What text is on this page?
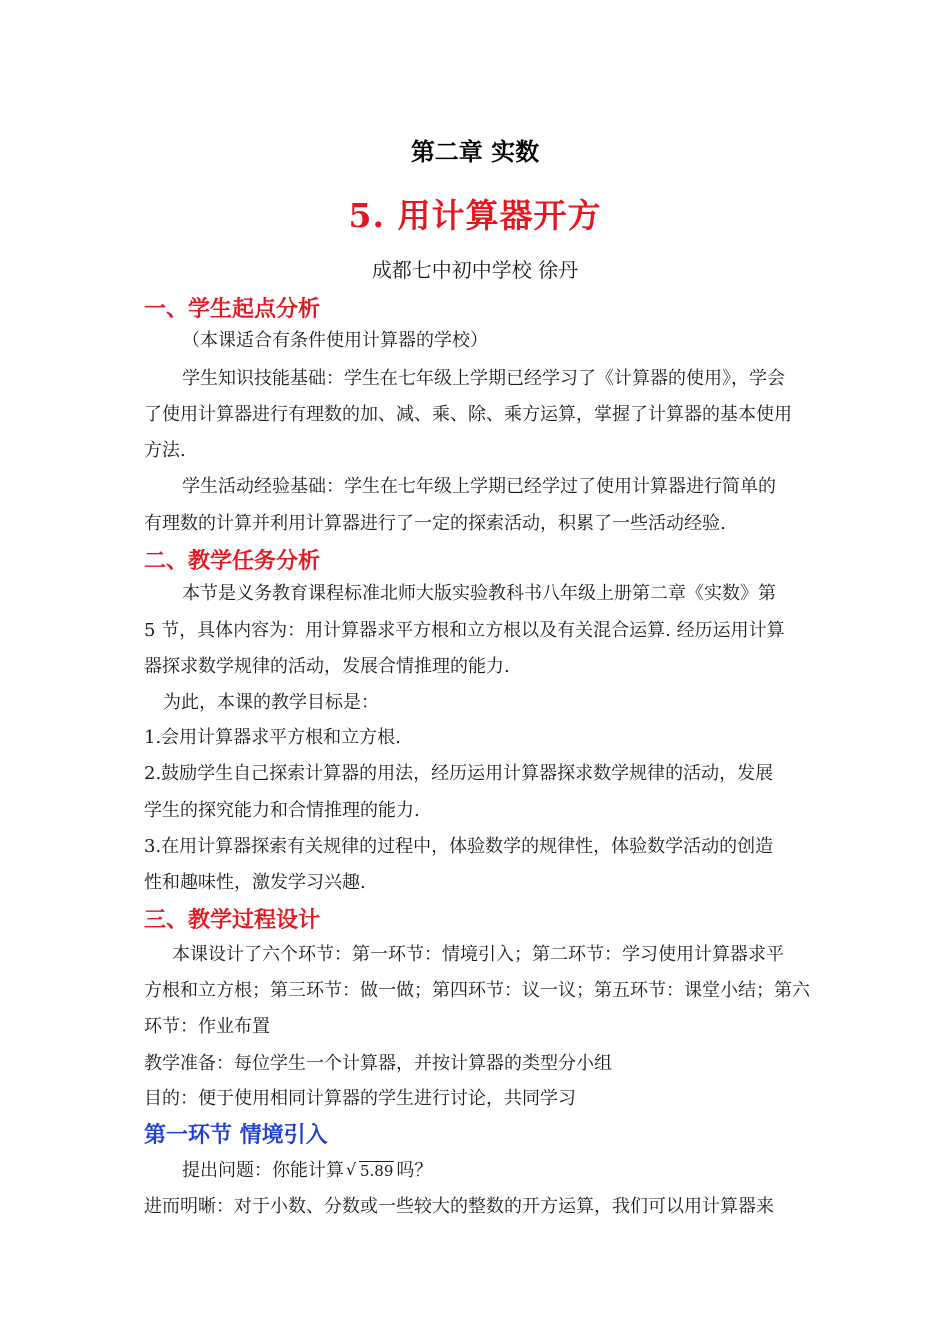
第二章 实数
5. 用计算器开方
成都七中初中学校 徐丹
一、学生起点分析
（本课适合有条件使用计算器的学校）
学生知识技能基础：学生在七年级上学期已经学习了《计算器的使用》，学会
了使用计算器进行有理数的加、减、乘、除、乘方运算，掌握了计算器的基本使用
方法.
学生活动经验基础：学生在七年级上学期已经学过了使用计算器进行简单的
有理数的计算并利用计算器进行了一定的探索活动，积累了一些活动经验.
二、教学任务分析
本节是义务教育课程标准北师大版实验教科书八年级上册第二章《实数》第
5 节，具体内容为：用计算器求平方根和立方根以及有关混合运算. 经历运用计算
器探求数学规律的活动，发展合情推理的能力.
为此，本课的教学目标是：
1.会用计算器求平方根和立方根.
2.鼓励学生自己探索计算器的用法，经历运用计算器探求数学规律的活动，发展
学生的探究能力和合情推理的能力.
3.在用计算器探索有关规律的过程中，体验数学的规律性，体验数学活动的创造
性和趣味性，激发学习兴趣.
三、教学过程设计
本课设计了六个环节：第一环节：情境引入；第二环节：学习使用计算器求平
方根和立方根；第三环节：做一做；第四环节：议一议；第五环节：课堂小结；第六
环节：作业布置
教学准备：每位学生一个计算器，并按计算器的类型分小组
目的：便于使用相同计算器的学生进行讨论，共同学习
第一环节 情境引入
提出问题：你能计算 √ 5.89 吗？
进而明晰：对于小数、分数或一些较大的整数的开方运算，我们可以用计算器来
